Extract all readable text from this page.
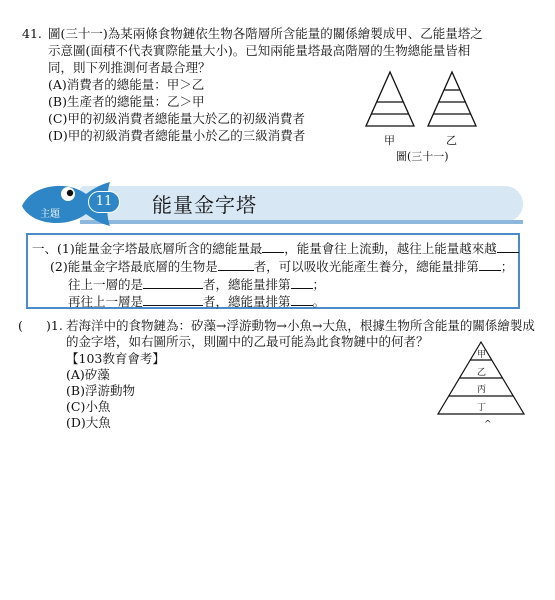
41. 圖(三十一)為某兩條食物鏈依生物各階層所含能量的關係繪製成甲、乙能量塔之
示意圖(面積不代表實際能量大小)。已知兩能量塔最高階層的生物總能量皆相
同，則下列推測何者最合理？
(A)消費者的總能量：甲＞乙
(B)生產者的總能量：乙＞甲
(C)甲的初級消費者總能量大於乙的初級消費者
(D)甲的初級消費者總能量小於乙的三級消費者	甲	乙
圖(三十一)
主題
11	能量金字塔
一、(1)能量金字塔最底層所含的總能量最 ，能量會往上流動，越往上能量越來越
(2)能量金字塔最底層的生物是	者，可以吸收光能產生養分，總能量排第 ；
往上一層的是	者，總能量排第 ；
再往上一層是	者，總能量排第 。
( )1. 若海洋中的食物鏈為：矽藻→浮游動物→小魚→大魚，根據生物所含能量的關係繪製成
的金字塔，如右圖所示，則圖中的乙最可能為此食物鏈中的何者？
【103教育會考】
(A)矽藻
(B)浮游動物
(C)小魚
(D)大魚
甲
乙
丙
丁
^
